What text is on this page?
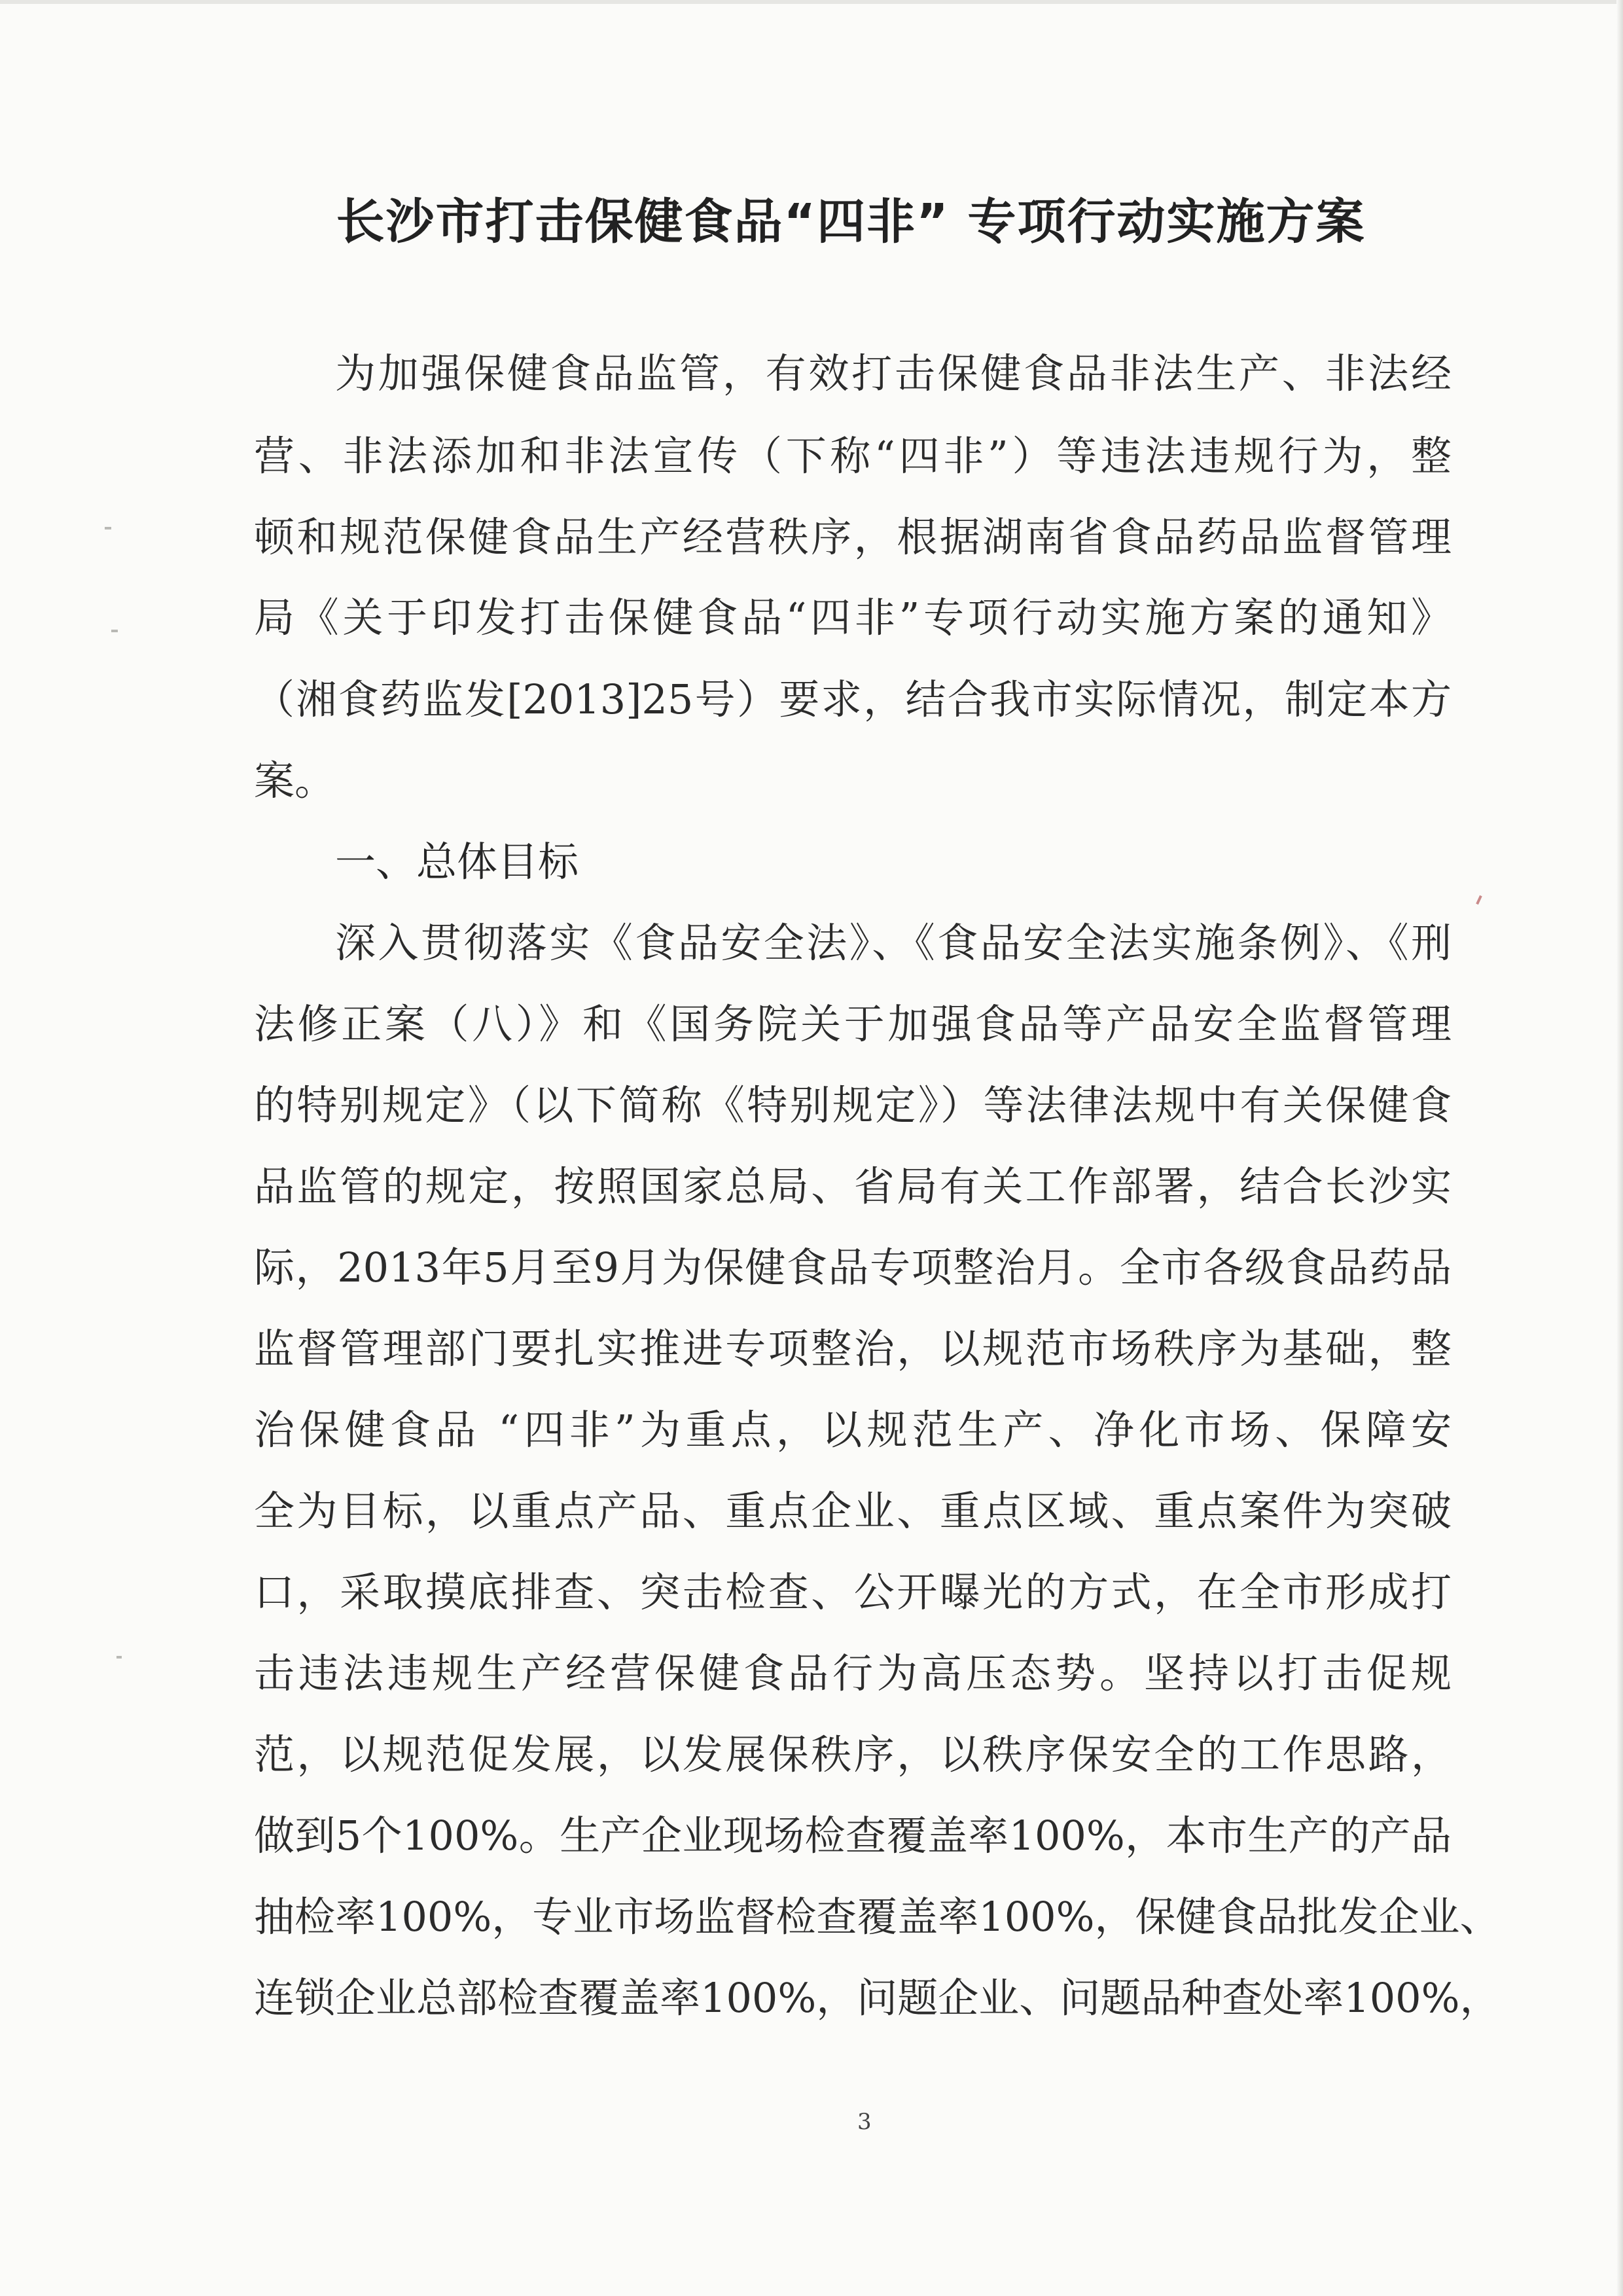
长沙市打击保健食品“四非” 专项行动实施方案
为加强保健食品监管，有效打击保健食品非法生产、非法经
营、非法添加和非法宣传（下称“四非”）等违法违规行为，整
顿和规范保健食品生产经营秩序，根据湖南省食品药品监督管理
局《关于印发打击保健食品“四非”专项行动实施方案的通知》
（湘食药监发[2013]25号）要求，结合我市实际情况，制定本方
案。
一、总体目标
深入贯彻落实《食品安全法》、《食品安全法实施条例》、《刑
法修正案（八）》和《国务院关于加强食品等产品安全监督管理
的特别规定》（以下简称《特别规定》）等法律法规中有关保健食
品监管的规定，按照国家总局、省局有关工作部署，结合长沙实
际，2013年5月至9月为保健食品专项整治月。全市各级食品药品
监督管理部门要扎实推进专项整治，以规范市场秩序为基础，整
治保健食品 “四非”为重点，以规范生产、净化市场、保障安
全为目标，以重点产品、重点企业、重点区域、重点案件为突破
口，采取摸底排查、突击检查、公开曝光的方式，在全市形成打
击违法违规生产经营保健食品行为高压态势。坚持以打击促规
范，以规范促发展，以发展保秩序，以秩序保安全的工作思路，
做到5个100%。生产企业现场检查覆盖率100%，本市生产的产品
抽检率100%，专业市场监督检查覆盖率100%，保健食品批发企业、
连锁企业总部检查覆盖率100%，问题企业、问题品种查处率100%，
3
